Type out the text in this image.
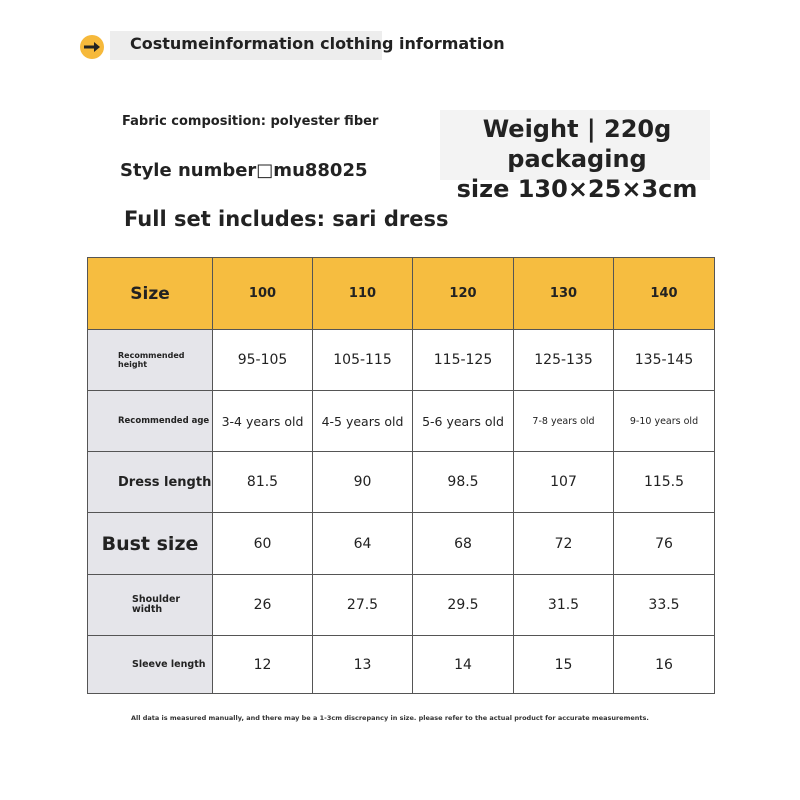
Costumeinformation clothing information
Fabric composition: polyester fiber
Style number□mu88025
Weight | 220g packaging
size 130×25×3cm
Full set includes: sari dress
Size	100	110	120	130	140
Recommended height	95-105	105-115	115-125	125-135	135-145
Recommended age	3-4 years old	4-5 years old	5-6 years old	7-8 years old	9-10 years old
Dress length	81.5	90	98.5	107	115.5
Bust size	60	64	68	72	76
Shoulder width	26	27.5	29.5	31.5	33.5
Sleeve length	12	13	14	15	16
All data is measured manually, and there may be a 1-3cm discrepancy in size. please refer to the actual product for accurate measurements.
